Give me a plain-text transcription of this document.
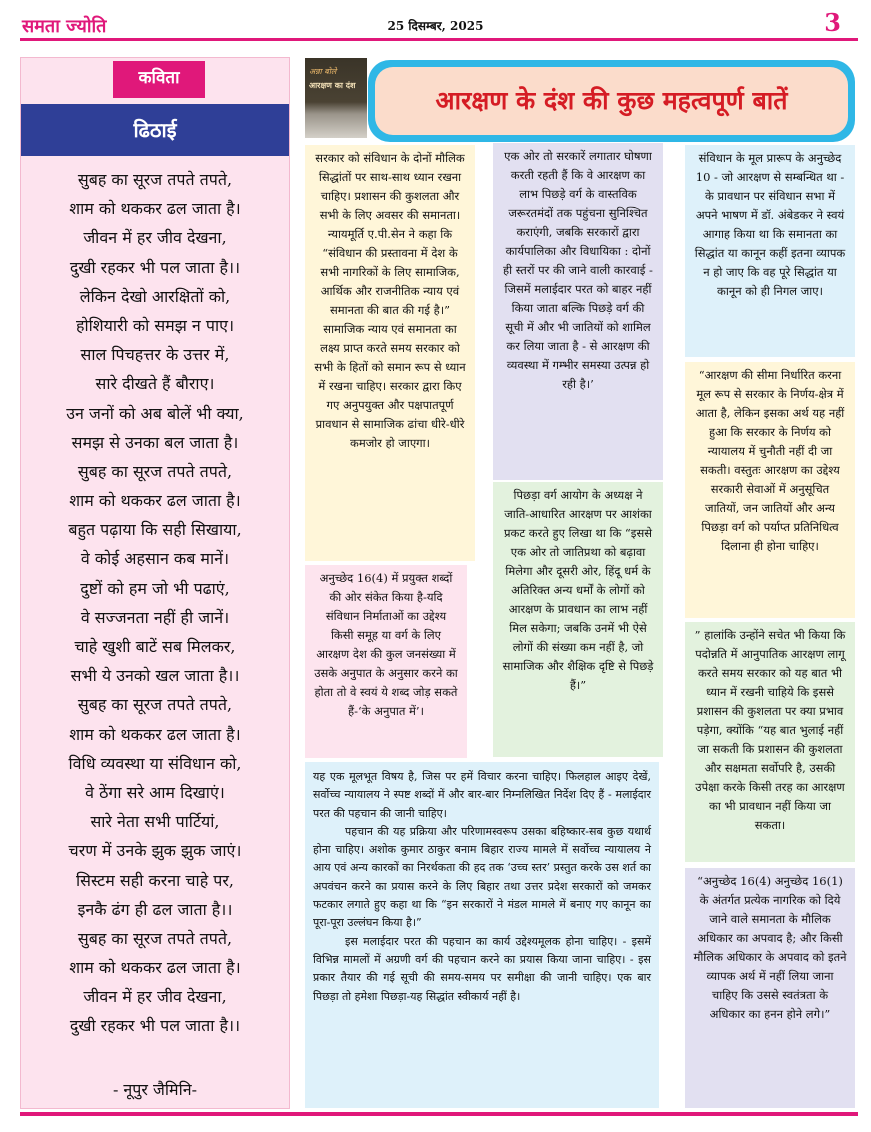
समता ज्योति	25 दिसम्बर, 2025	3
कविता
ढिठाई
सुबह का सूरज तपते तपते,
शाम को थककर ढल जाता है।
जीवन में हर जीव देखना,
दुखी रहकर भी पल जाता है।।
लेकिन देखो आरक्षितों को,
होशियारी को समझ न पाए।
साल पिचहत्तर के उत्तर में,
सारे दीखते हैं बौराए।
उन जनों को अब बोलें भी क्या,
समझ से उनका बल जाता है।
सुबह का सूरज तपते तपते,
शाम को थककर ढल जाता है।
बहुत पढ़ाया कि सही सिखाया,
वे कोई अहसान कब मानें।
दुष्टों को हम जो भी पढाएं,
वे सज्जनता नहीं ही जानें।
चाहे खुशी बाटें सब मिलकर,
सभी ये उनको खल जाता है।।
सुबह का सूरज तपते तपते,
शाम को थककर ढल जाता है।
विधि व्यवस्था या संविधान को,
वे ठेंगा सरे आम दिखाएं।
सारे नेता सभी पार्टियां,
चरण में उनके झुक झुक जाएं।
सिस्टम सही करना चाहे पर,
इनकै ढंग ही ढल जाता है।।
सुबह का सूरज तपते तपते,
शाम को थककर ढल जाता है।
जीवन में हर जीव देखना,
दुखी रहकर भी पल जाता है।।
- नूपुर जैमिनि-
अन्ना बोले
आरक्षण का दंश
आरक्षण के दंश की कुछ महत्वपूर्ण बातें
सरकार को संविधान के दोनों मौलिक सिद्धांतों पर साथ-साथ ध्यान रखना चाहिए। प्रशासन की कुशलता और सभी के लिए अवसर की समानता। न्यायमूर्ति ए.पी.सेन ने कहा कि “संविधान की प्रस्तावना में देश के सभी नागरिकों के लिए सामाजिक, आर्थिक और राजनीतिक न्याय एवं समानता की बात की गई है।” सामाजिक न्याय एवं समानता का लक्ष्य प्राप्त करते समय सरकार को सभी के हितों को समान रूप से ध्यान में रखना चाहिए। सरकार द्वारा किए गए अनुपयुक्त और पक्षपातपूर्ण प्रावधान से सामाजिक ढांचा धीरे-धीरे कमजोर हो जाएगा।
अनुच्छेद 16(4) में प्रयुक्त शब्दों की ओर संकेत किया है-यदि संविधान निर्माताओं का उद्देश्य किसी समूह या वर्ग के लिए आरक्षण देश की कुल जनसंख्या में उसके अनुपात के अनुसार करने का होता तो वे स्वयं ये शब्द जोड़ सकते हैं-‘के अनुपात में’।
एक ओर तो सरकारें लगातार घोषणा करती रहती हैं कि वे आरक्षण का लाभ पिछड़े वर्ग के वास्तविक जरूरतमंदों तक पहुंचना सुनिश्चित कराएंगी, जबकि सरकारों द्वारा कार्यपालिका और विधायिका : दोनों ही स्तरों पर की जाने वाली कारवाई - जिसमें मलाईदार परत को बाहर नहीं किया जाता बल्कि पिछड़े वर्ग की सूची में और भी जातियों को शामिल कर लिया जाता है - से आरक्षण की व्यवस्था में गम्भीर समस्या उत्पन्न हो रही है।’
पिछड़ा वर्ग आयोग के अध्यक्ष ने जाति-आधारित आरक्षण पर आशंका प्रकट करते हुए लिखा था कि “इससे एक ओर तो जातिप्रथा को बढ़ावा मिलेगा और दूसरी ओर, हिंदू धर्म के अतिरिक्त अन्य धर्मों के लोगों को आरक्षण के प्रावधान का लाभ नहीं मिल सकेगा; जबकि उनमें भी ऐसे लोगों की संख्या कम नहीं है, जो सामाजिक और शैक्षिक दृष्टि से पिछड़े हैं।”
संविधान के मूल प्रारूप के अनुच्छेद 10 - जो आरक्षण से सम्बन्धित था - के प्रावधान पर संविधान सभा में अपने भाषण में डॉ. अंबेडकर ने स्वयं आगाह किया था कि समानता का सिद्धांत या कानून कहीं इतना व्यापक न हो जाए कि वह पूरे सिद्धांत या कानून को ही निगल जाए।
“आरक्षण की सीमा निर्धारित करना मूल रूप से सरकार के निर्णय-क्षेत्र में आता है, लेकिन इसका अर्थ यह नहीं हुआ कि सरकार के निर्णय को न्यायालय में चुनौती नहीं दी जा सकती। वस्तुतः आरक्षण का उद्देश्य सरकारी सेवाओं में अनुसूचित जातियों, जन जातियों और अन्य पिछड़ा वर्ग को पर्याप्त प्रतिनिधित्व दिलाना ही होना चाहिए।
” हालांकि उन्होंने सचेत भी किया कि पदोन्नति में आनुपातिक आरक्षण लागू करते समय सरकार को यह बात भी ध्यान में रखनी चाहिये कि इससे प्रशासन की कुशलता पर क्या प्रभाव पड़ेगा, क्योंकि “यह बात भुलाई नहीं जा सकती कि प्रशासन की कुशलता और सक्षमता सर्वोपरि है, उसकी उपेक्षा करके किसी तरह का आरक्षण का भी प्रावधान नहीं किया जा सकता।
“अनुच्छेद 16(4) अनुच्छेद 16(1) के अंतर्गत प्रत्येक नागरिक को दिये जाने वाले समानता के मौलिक अधिकार का अपवाद है; और किसी मौलिक अधिकार के अपवाद को इतने व्यापक अर्थ में नहीं लिया जाना चाहिए कि उससे स्वतंत्रता के अधिकार का हनन होने लगे।”

यह एक मूलभूत विषय है, जिस पर हमें विचार करना चाहिए। फिलहाल आइए देखें, सर्वोच्च न्यायालय ने स्पष्ट शब्दों में और बार-बार निम्नलिखित निर्देश दिए हैं - मलाईदार परत की पहचान की जानी चाहिए।

पहचान की यह प्रक्रिया और परिणामस्वरूप उसका बहिष्कार-सब कुछ यथार्थ होना चाहिए। अशोक कुमार ठाकुर बनाम बिहार राज्य मामले में सर्वोच्च न्यायालय ने आय एवं अन्य कारकों का निरर्थकता की हद तक ‘उच्च स्तर’ प्रस्तुत करके उस शर्त का अपवंचन करने का प्रयास करने के लिए बिहार तथा उत्तर प्रदेश सरकारों को जमकर फटकार लगाते हुए कहा था कि “इन सरकारों ने मंडल मामले में बनाए गए कानून का पूरा-पूरा उल्लंघन किया है।”

इस मलाईदार परत की पहचान का कार्य उद्देश्यमूलक होना चाहिए। - इसमें विभिन्न मामलों में अग्रणी वर्ग की पहचान करने का प्रयास किया जाना चाहिए। - इस प्रकार तैयार की गई सूची की समय-समय पर समीक्षा की जानी चाहिए। एक बार पिछड़ा तो हमेशा पिछड़ा-यह सिद्धांत स्वीकार्य नहीं है।
